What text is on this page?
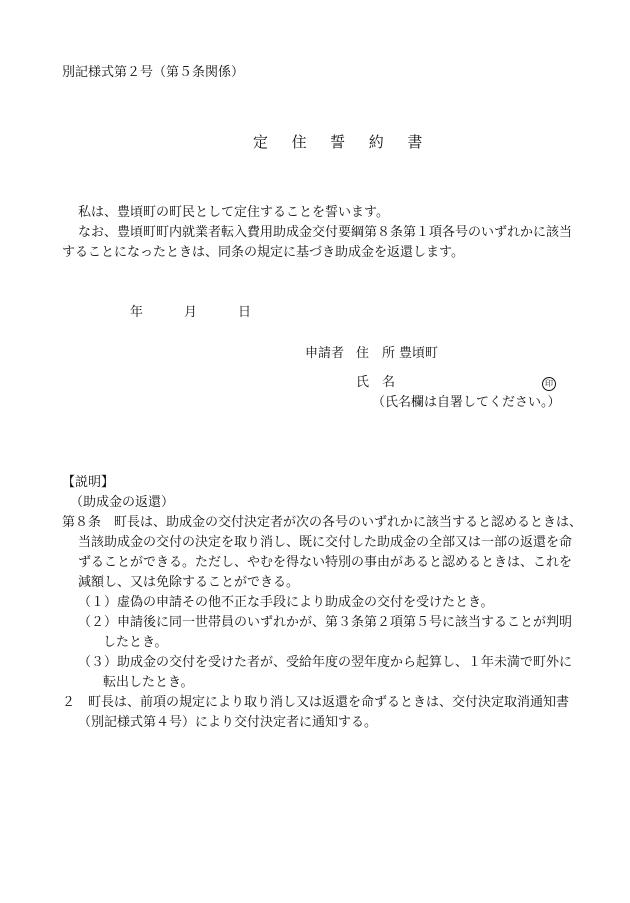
別記様式第２号（第５条関係）
定 住 誓 約 書
私は、豊頃町の町民として定住することを誓います。
なお、豊頃町町内就業者転入費用助成金交付要綱第８条第１項各号のいずれかに該当
することになったときは、同条の規定に基づき助成金を返還します。
年	月	日
申請者 住　所 豊頃町
氏　名	印
（氏名欄は自署してください。）
【説明】
（助成金の返還）
第８条　町長は、助成金の交付決定者が次の各号のいずれかに該当すると認めるときは、
当該助成金の交付の決定を取り消し、既に交付した助成金の全部又は一部の返還を命
ずることができる。ただし、やむを得ない特別の事由があると認めるときは、これを
減額し、又は免除することができる。
（１）虚偽の申請その他不正な手段により助成金の交付を受けたとき。
（２）申請後に同一世帯員のいずれかが、第３条第２項第５号に該当することが判明
したとき。
（３）助成金の交付を受けた者が、受給年度の翌年度から起算し、１年未満で町外に
転出したとき。
２　町長は、前項の規定により取り消し又は返還を命ずるときは、交付決定取消通知書
（別記様式第４号）により交付決定者に通知する。
